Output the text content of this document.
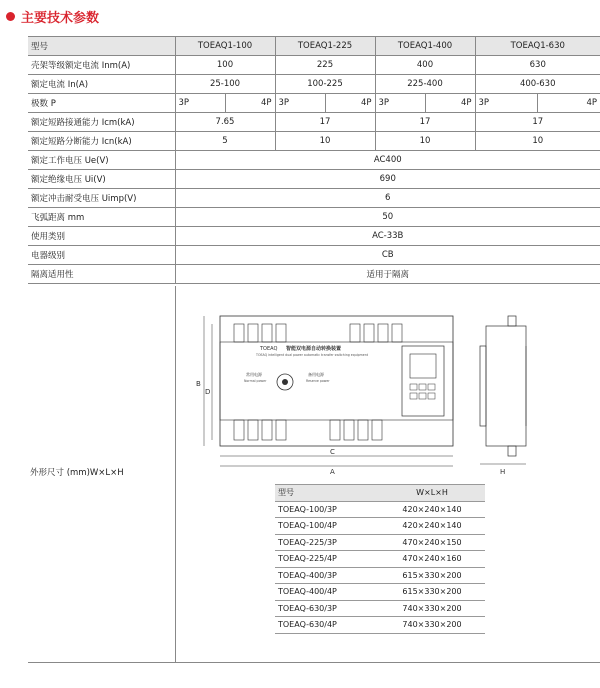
主要技术参数
型号	TOEAQ1-100		TOEAQ1-225		TOEAQ1-400		TOEAQ1-630	
壳架等级额定电流 Inm(A)	100		225		400		630	
额定电流 In(A)	25-100		100-225		225-400		400-630	
极数 P	3P	4P	3P	4P	3P	4P	3P	4P
额定短路接通能力 Icm(kA)	7.65		17		17		17	
额定短路分断能力 Icn(kA)	5		10		10		10	
额定工作电压 Ue(V)	AC400							
额定绝缘电压 Ui(V)	690							
额定冲击耐受电压 Uimp(V)	6							
飞弧距离 mm	50							
使用类别	AC-33B							
电器级别	CB							
隔离适用性	适用于隔离							
外形尺寸 (mm)W×L×H
TOEAQ 智能双电源自动转换装置
TOEAQ intelligent dual power automatic transfer switching equipment
常用电源
Normal power
备用电源
Reserve power
C
A
B
D
H
型号	W×L×H
TOEAQ-100/3P	420×240×140
TOEAQ-100/4P	420×240×140
TOEAQ-225/3P	470×240×150
TOEAQ-225/4P	470×240×160
TOEAQ-400/3P	615×330×200
TOEAQ-400/4P	615×330×200
TOEAQ-630/3P	740×330×200
TOEAQ-630/4P	740×330×200
